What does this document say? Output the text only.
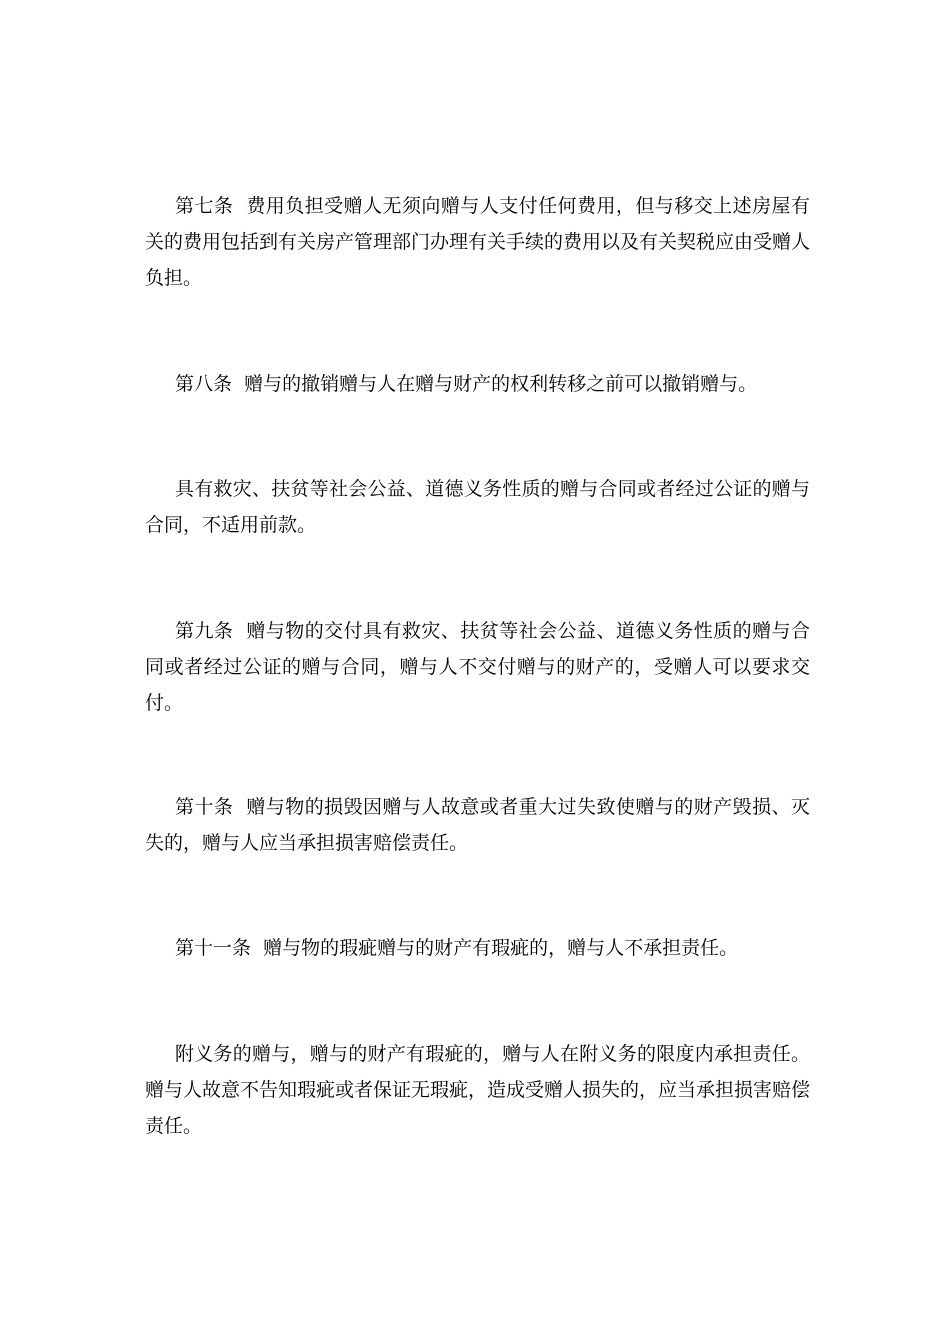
第七条 费用负担受赠人无须向赠与人支付任何费用，但与移交上述房屋有关的费用包括到有关房产管理部门办理有关手续的费用以及有关契税应由受赠人负担。

第八条 赠与的撤销赠与人在赠与财产的权利转移之前可以撤销赠与。

具有救灾、扶贫等社会公益、道德义务性质的赠与合同或者经过公证的赠与合同，不适用前款。

第九条 赠与物的交付具有救灾、扶贫等社会公益、道德义务性质的赠与合同或者经过公证的赠与合同，赠与人不交付赠与的财产的，受赠人可以要求交付。

第十条 赠与物的损毁因赠与人故意或者重大过失致使赠与的财产毁损、灭失的，赠与人应当承担损害赔偿责任。

第十一条 赠与物的瑕疵赠与的财产有瑕疵的，赠与人不承担责任。

附义务的赠与，赠与的财产有瑕疵的，赠与人在附义务的限度内承担责任。赠与人故意不告知瑕疵或者保证无瑕疵，造成受赠人损失的，应当承担损害赔偿责任。
